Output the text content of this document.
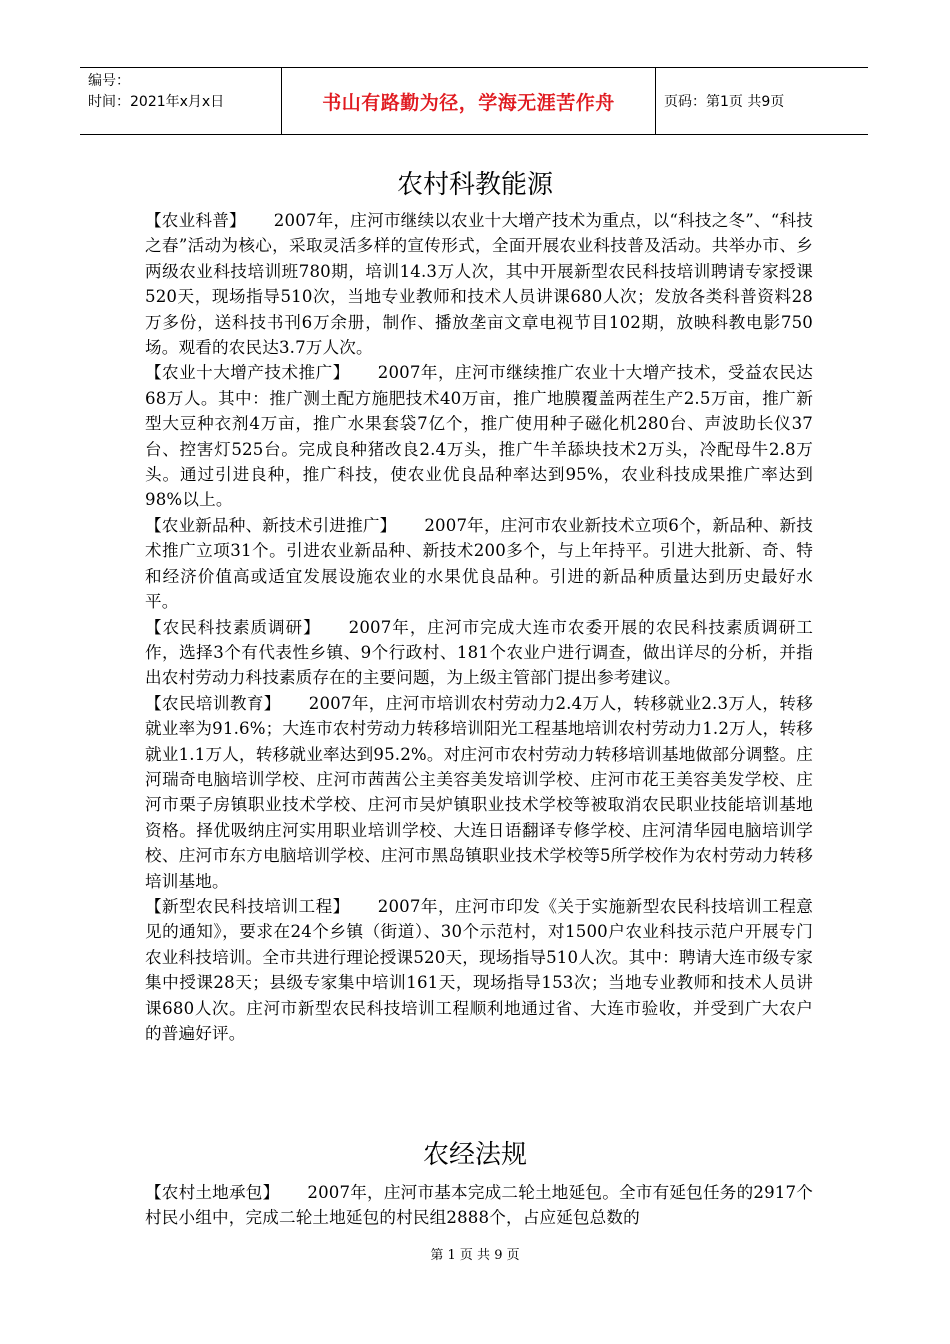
编号：
时间：2021年x月x日	书山有路勤为径，学海无涯苦作舟	页码：第1页 共9页
农村科教能源

【农业科普】 2007年，庄河市继续以农业十大增产技术为重点，以“科技之冬”、“科技之春”活动为核心，采取灵活多样的宣传形式，全面开展农业科技普及活动。共举办市、乡两级农业科技培训班780期，培训14.3万人次，其中开展新型农民科技培训聘请专家授课520天，现场指导510次，当地专业教师和技术人员讲课680人次；发放各类科普资料28万多份，送科技书刊6万余册，制作、播放垄亩文章电视节目102期，放映科教电影750场。观看的农民达3.7万人次。

【农业十大增产技术推广】 2007年，庄河市继续推广农业十大增产技术，受益农民达68万人。其中：推广测土配方施肥技术40万亩，推广地膜覆盖两茬生产2.5万亩，推广新型大豆种衣剂4万亩，推广水果套袋7亿个，推广使用种子磁化机280台、声波助长仪37台、控害灯525台。完成良种猪改良2.4万头，推广牛羊舔块技术2万头，冷配母牛2.8万头。通过引进良种，推广科技，使农业优良品种率达到95%，农业科技成果推广率达到98%以上。

【农业新品种、新技术引进推广】 2007年，庄河市农业新技术立项6个，新品种、新技术推广立项31个。引进农业新品种、新技术200多个，与上年持平。引进大批新、奇、特和经济价值高或适宜发展设施农业的水果优良品种。引进的新品种质量达到历史最好水平。

【农民科技素质调研】 2007年，庄河市完成大连市农委开展的农民科技素质调研工作，选择3个有代表性乡镇、9个行政村、181个农业户进行调查，做出详尽的分析，并指出农村劳动力科技素质存在的主要问题，为上级主管部门提出参考建议。

【农民培训教育】 2007年，庄河市培训农村劳动力2.4万人，转移就业2.3万人，转移就业率为91.6%；大连市农村劳动力转移培训阳光工程基地培训农村劳动力1.2万人，转移就业1.1万人，转移就业率达到95.2%。对庄河市农村劳动力转移培训基地做部分调整。庄河瑞奇电脑培训学校、庄河市茜茜公主美容美发培训学校、庄河市花王美容美发学校、庄河市栗子房镇职业技术学校、庄河市吴炉镇职业技术学校等被取消农民职业技能培训基地资格。择优吸纳庄河实用职业培训学校、大连日语翻译专修学校、庄河清华园电脑培训学校、庄河市东方电脑培训学校、庄河市黑岛镇职业技术学校等5所学校作为农村劳动力转移培训基地。

【新型农民科技培训工程】 2007年，庄河市印发《关于实施新型农民科技培训工程意见的通知》，要求在24个乡镇（街道）、30个示范村，对1500户农业科技示范户开展专门农业科技培训。全市共进行理论授课520天，现场指导510人次。其中：聘请大连市级专家集中授课28天；县级专家集中培训161天，现场指导153次；当地专业教师和技术人员讲课680人次。庄河市新型农民科技培训工程顺利地通过省、大连市验收，并受到广大农户的普遍好评。

农经法规

【农村土地承包】 2007年，庄河市基本完成二轮土地延包。全市有延包任务的2917个村民小组中，完成二轮土地延包的村民组2888个，占应延包总数的

第 1 页 共 9 页
